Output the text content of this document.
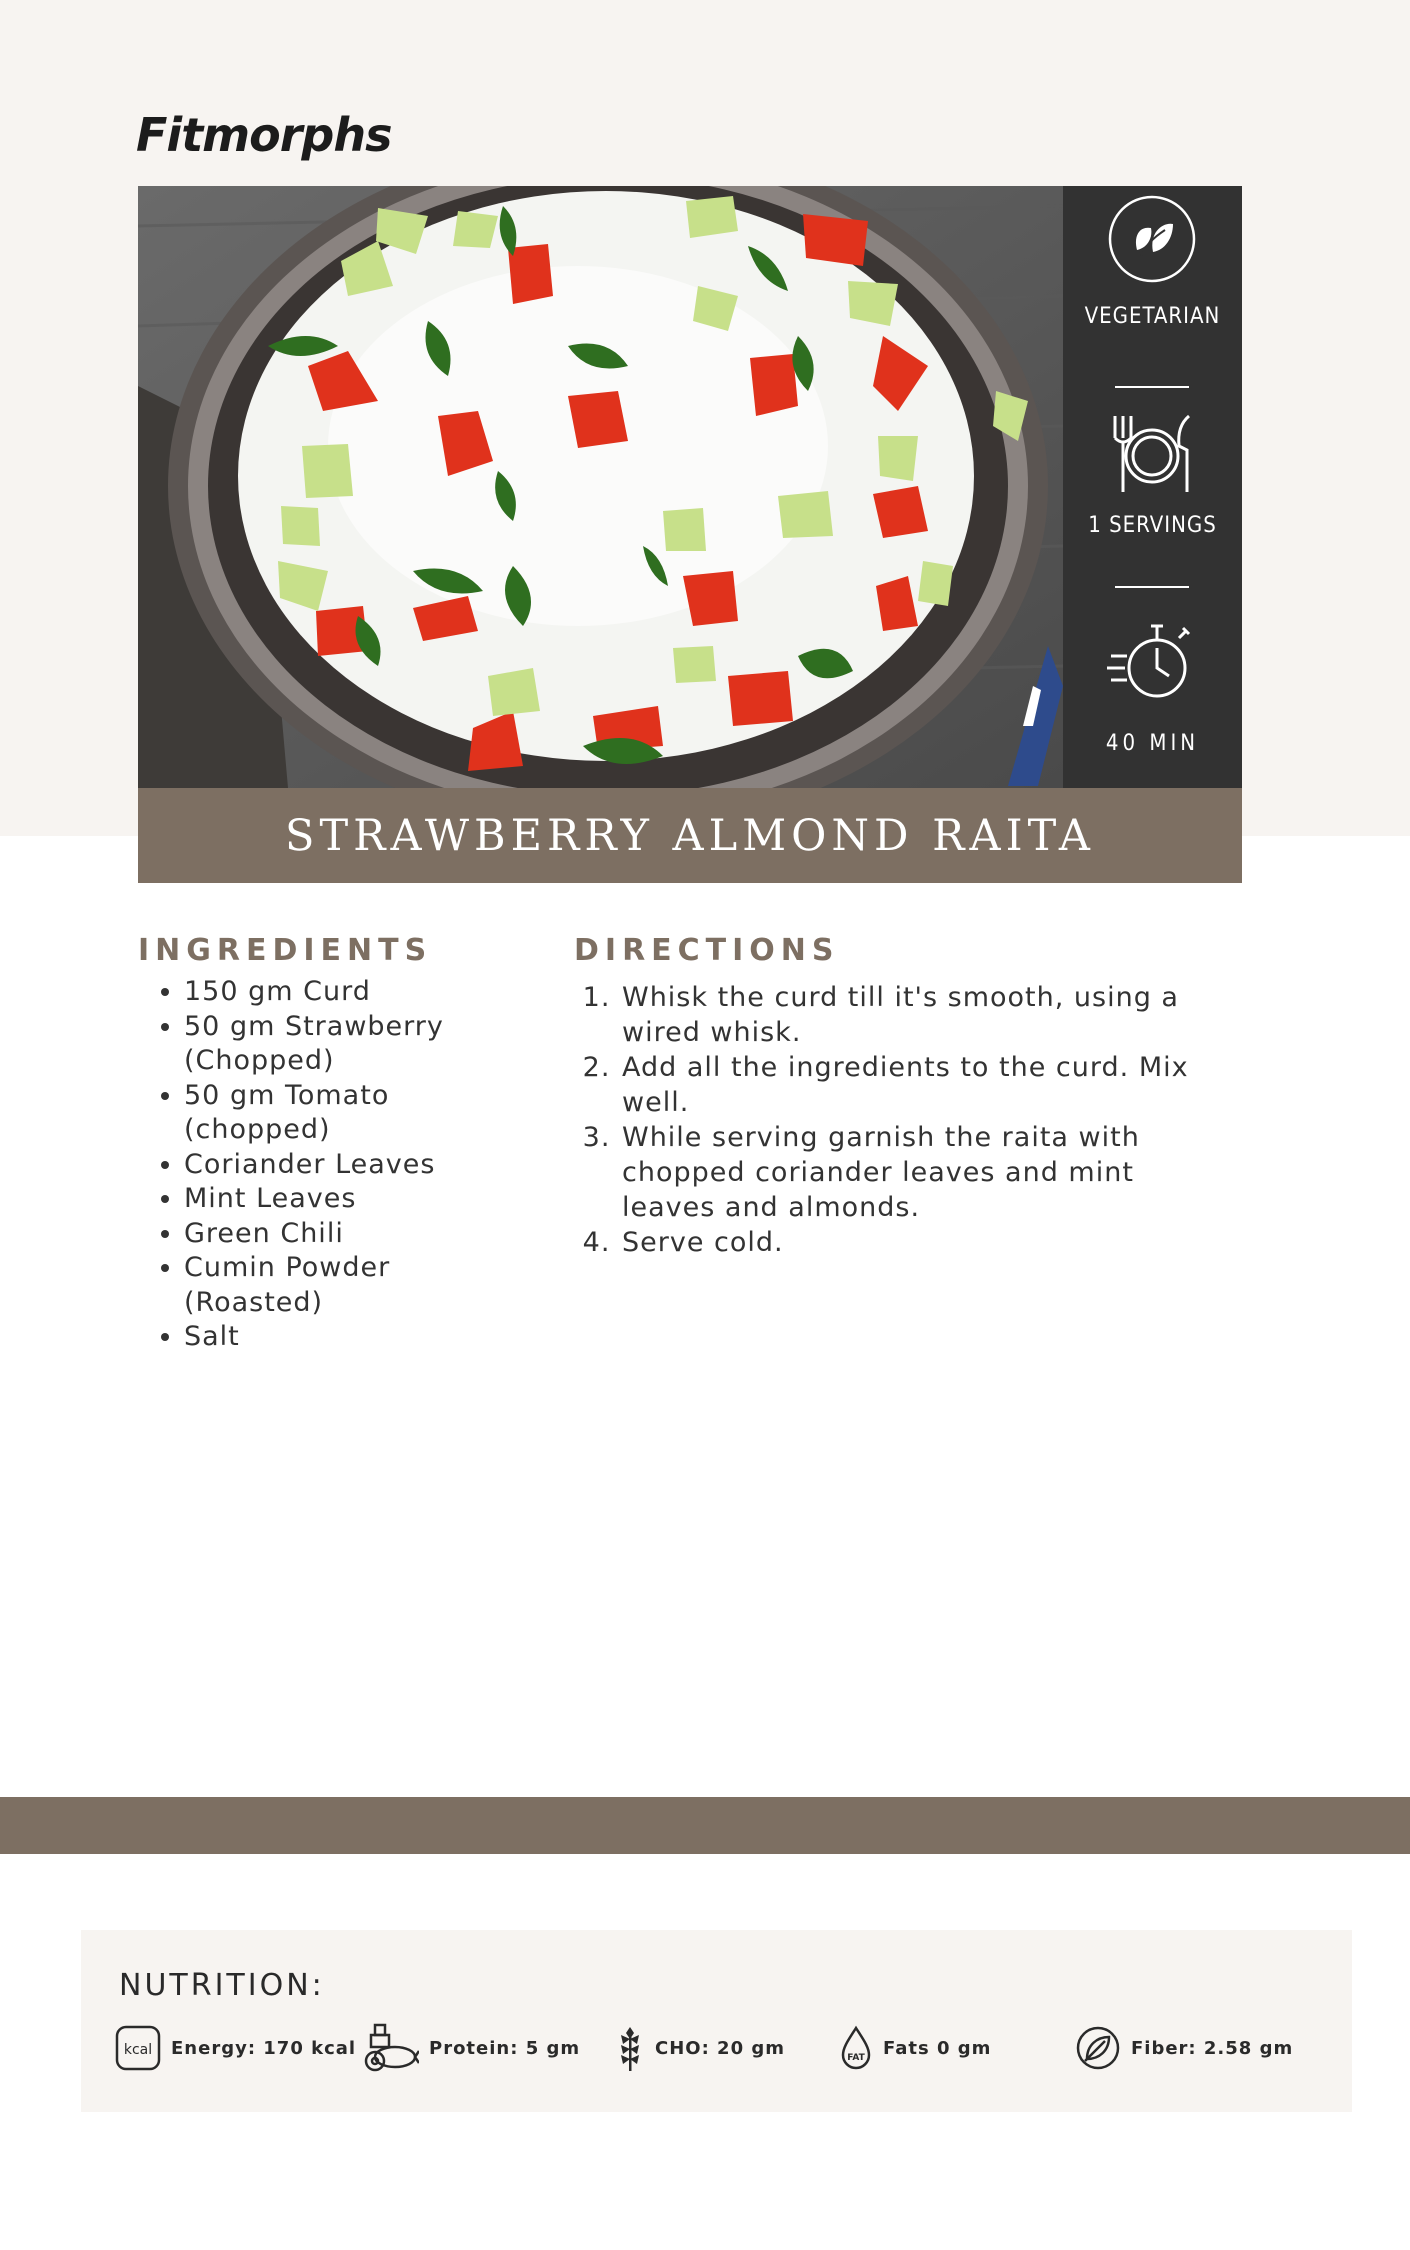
Fitmorphs
VEGETARIAN
1 SERVINGS
40 MIN
STRAWBERRY ALMOND RAITA
INGREDIENTS
• 150 gm Curd
• 50 gm Strawberry (Chopped)
• 50 gm Tomato (chopped)
• Coriander Leaves
• Mint Leaves
• Green Chili
• Cumin Powder (Roasted)
• Salt
DIRECTIONS
1. Whisk the curd till it's smooth, using a wired whisk.
2. Add all the ingredients to the curd. Mix well.
3. While serving garnish the raita with chopped coriander leaves and mint leaves and almonds.
4. Serve cold.
NUTRITION:
kcal Energy: 170 kcal	Protein: 5 gm	CHO: 20 gm	FAT Fats 0 gm	Fiber: 2.58 gm
